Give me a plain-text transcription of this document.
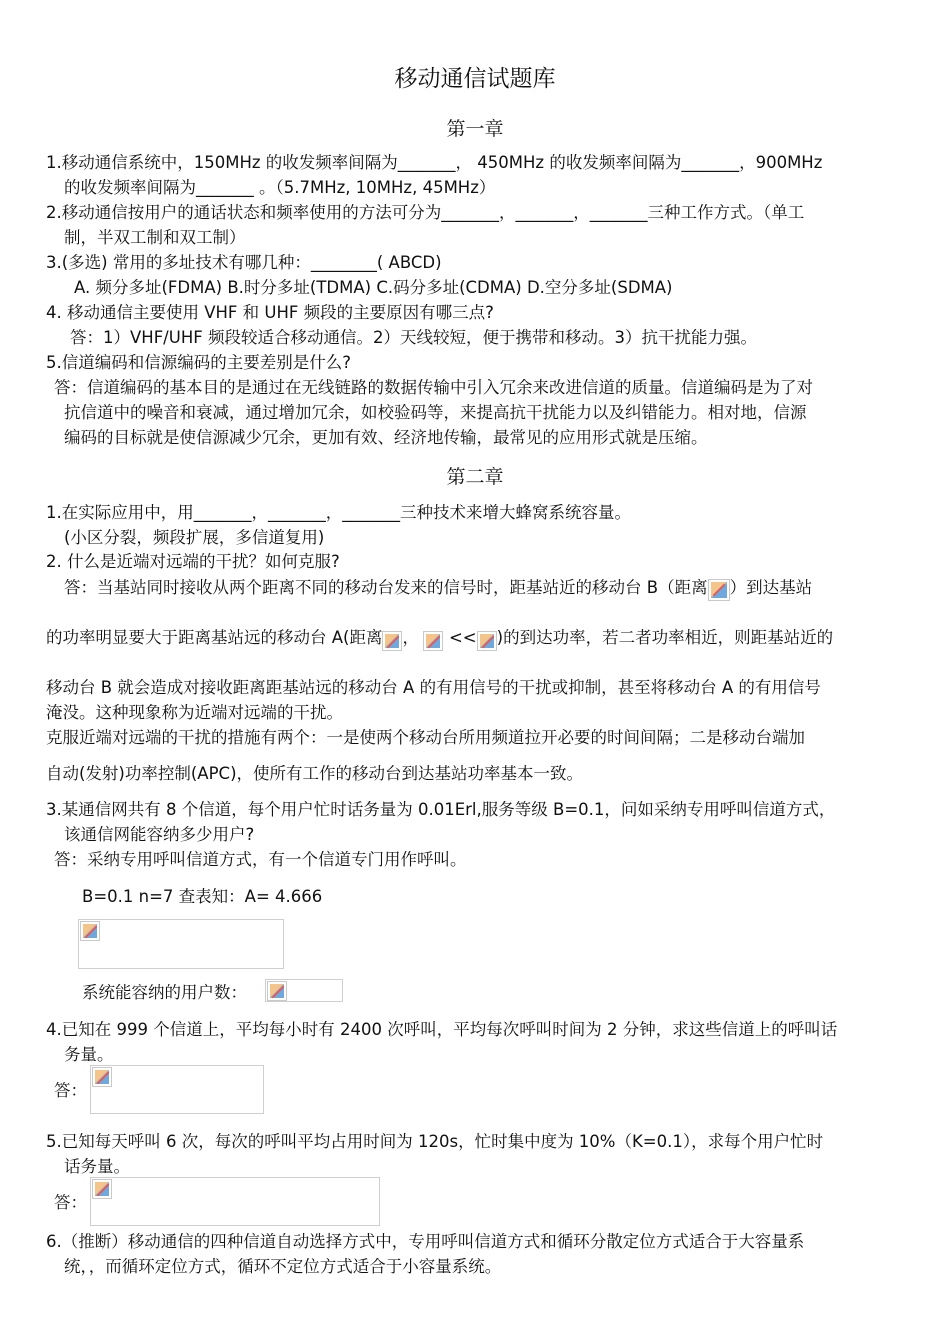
移动通信试题库
第一章
1.移动通信系统中，150MHz 的收发频率间隔为_______， 450MHz 的收发频率间隔为_______，900MHz
的收发频率间隔为_______ 。（5.7MHz, 10MHz, 45MHz）
2.移动通信按用户的通话状态和频率使用的方法可分为_______，_______，_______三种工作方式。（单工
制，半双工制和双工制）
3.(多选) 常用的多址技术有哪几种：________( ABCD)
A. 频分多址(FDMA) B.时分多址(TDMA) C.码分多址(CDMA) D.空分多址(SDMA)
4. 移动通信主要使用 VHF 和 UHF 频段的主要原因有哪三点?
答：1）VHF/UHF 频段较适合移动通信。2）天线较短，便于携带和移动。3）抗干扰能力强。
5.信道编码和信源编码的主要差别是什么?
答：信道编码的基本目的是通过在无线链路的数据传输中引入冗余来改进信道的质量。信道编码是为了对
抗信道中的噪音和衰减，通过增加冗余，如校验码等，来提高抗干扰能力以及纠错能力。相对地，信源
编码的目标就是使信源减少冗余，更加有效、经济地传输，最常见的应用形式就是压缩。
第二章
1.在实际应用中，用_______，_______，_______三种技术来增大蜂窝系统容量。
(小区分裂，频段扩展，多信道复用)
2. 什么是近端对远端的干扰？如何克服?
答：当基站同时接收从两个距离不同的移动台发来的信号时，距基站近的移动台 B（距离 ）到达基站
的功率明显要大于距离基站远的移动台 A(距离 ， << )的到达功率，若二者功率相近，则距基站近的
移动台 B 就会造成对接收距离距基站远的移动台 A 的有用信号的干扰或抑制，甚至将移动台 A 的有用信号
淹没。这种现象称为近端对远端的干扰。
克服近端对远端的干扰的措施有两个：一是使两个移动台所用频道拉开必要的时间间隔；二是移动台端加
自动(发射)功率控制(APC)，使所有工作的移动台到达基站功率基本一致。
3.某通信网共有 8 个信道，每个用户忙时话务量为 0.01Erl,服务等级 B=0.1，问如采纳专用呼叫信道方式，
该通信网能容纳多少用户?
答：采纳专用呼叫信道方式，有一个信道专门用作呼叫。
B=0.1 n=7 查表知：A= 4.666
系统能容纳的用户数：
4.已知在 999 个信道上，平均每小时有 2400 次呼叫，平均每次呼叫时间为 2 分钟，求这些信道上的呼叫话
务量。
答：
5.已知每天呼叫 6 次，每次的呼叫平均占用时间为 120s，忙时集中度为 10%（K=0.1），求每个用户忙时
话务量。
答：
6.（推断）移动通信的四种信道自动选择方式中，专用呼叫信道方式和循环分散定位方式适合于大容量系
统，，而循环定位方式，循环不定位方式适合于小容量系统。
